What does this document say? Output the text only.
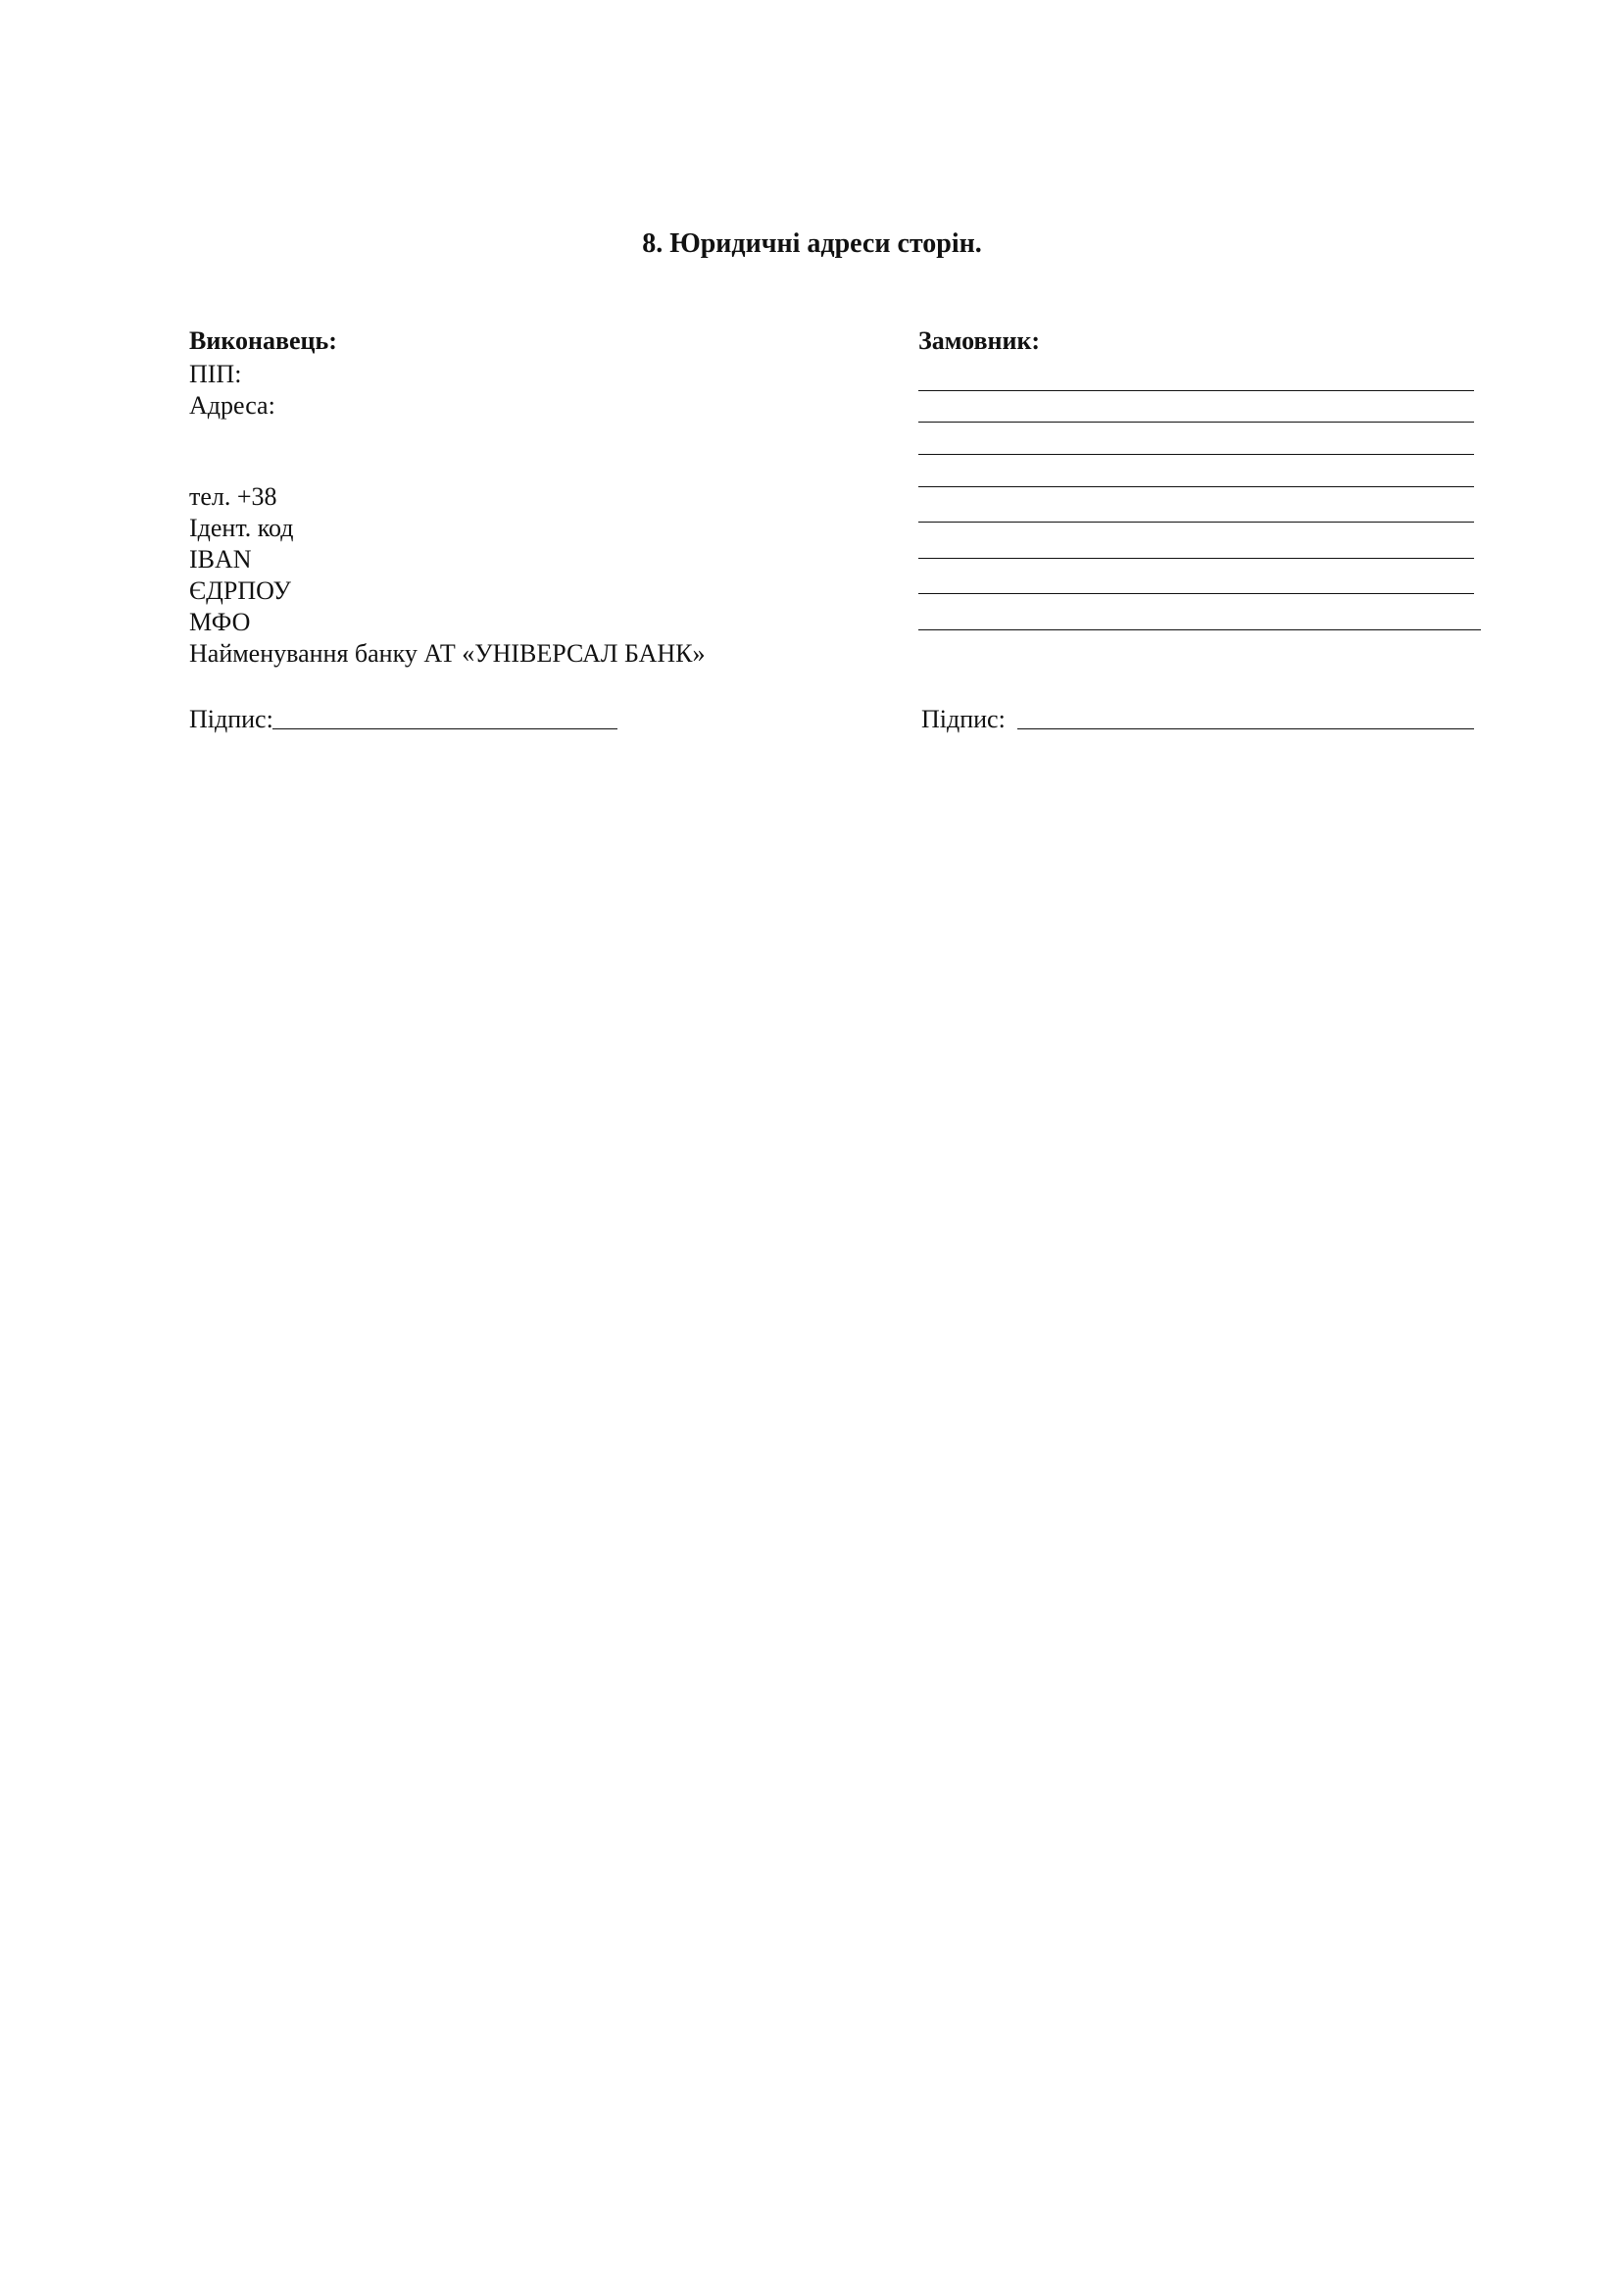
8. Юридичні адреси сторін.

Виконавець:

ПІП:
Адреса:
тел. +38
Ідент. код
IBAN
ЄДРПОУ
МФО
Найменування банку АТ «УНІВЕРСАЛ БАНК»

Замовник:

Підпис:	Підпис:
